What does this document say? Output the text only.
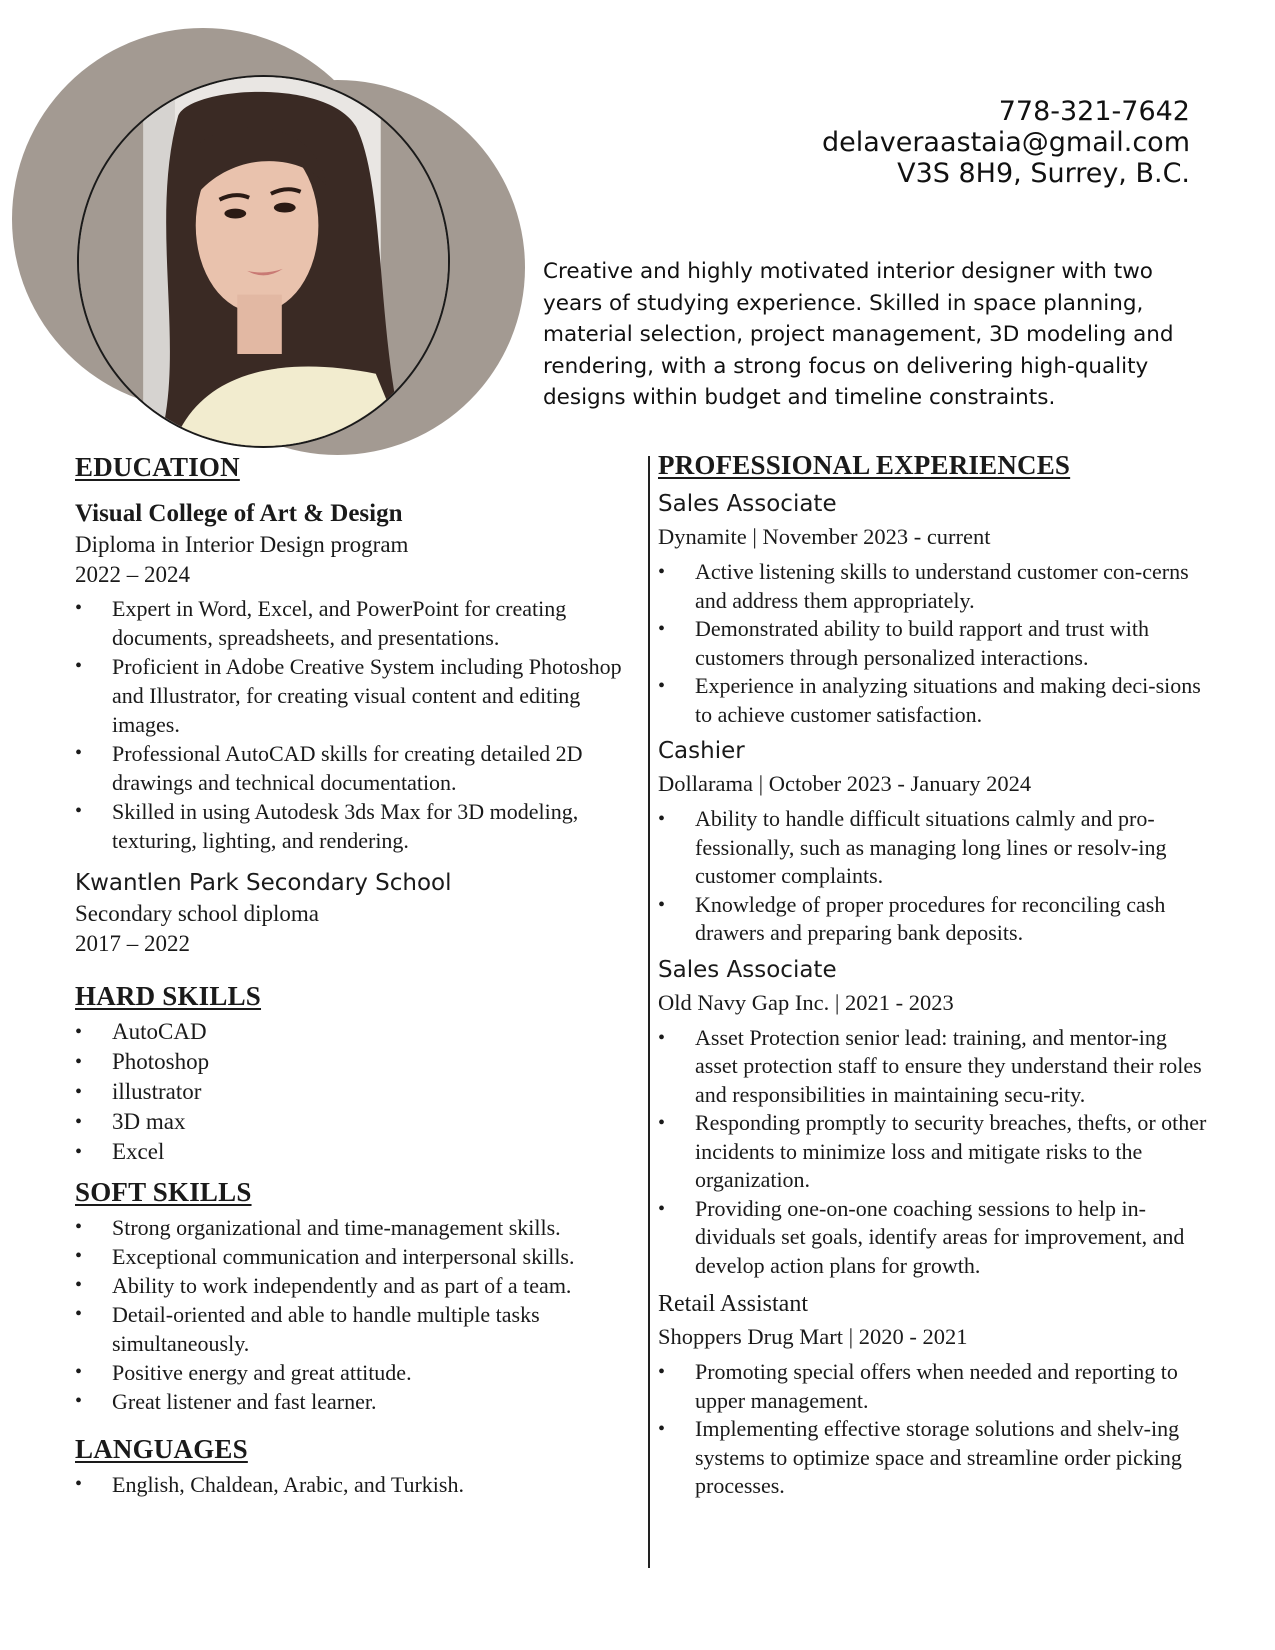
778-321-7642
delaveraastaia@gmail.com
V3S 8H9, Surrey, B.C.
Creative and highly motivated interior designer with two years of studying experience. Skilled in space planning, material selection, project management, 3D modeling and rendering, with a strong focus on delivering high-quality designs within budget and timeline constraints.
EDUCATION
Visual College of Art & Design
Diploma in Interior Design program
2022 – 2024
• Expert in Word, Excel, and PowerPoint for creating documents, spreadsheets, and presentations.
• Proficient in Adobe Creative System including Photoshop and Illustrator, for creating visual content and editing images.
• Professional AutoCAD skills for creating detailed 2D drawings and technical documentation.
• Skilled in using Autodesk 3ds Max for 3D modeling, texturing, lighting, and rendering.
Kwantlen Park Secondary School
Secondary school diploma
2017 – 2022
HARD SKILLS
• AutoCAD
• Photoshop
• illustrator
• 3D max
• Excel
SOFT SKILLS
• Strong organizational and time-management skills.
• Exceptional communication and interpersonal skills.
• Ability to work independently and as part of a team.
• Detail-oriented and able to handle multiple tasks simultaneously.
• Positive energy and great attitude.
• Great listener and fast learner.
LANGUAGES
• English, Chaldean, Arabic, and Turkish.
PROFESSIONAL EXPERIENCES
Sales Associate
Dynamite | November 2023 - current
• Active listening skills to understand customer con-cerns and address them appropriately.
• Demonstrated ability to build rapport and trust with customers through personalized interactions.
• Experience in analyzing situations and making deci-sions to achieve customer satisfaction.
Cashier
Dollarama | October 2023 - January 2024
• Ability to handle difficult situations calmly and pro-fessionally, such as managing long lines or resolv-ing customer complaints.
• Knowledge of proper procedures for reconciling cash drawers and preparing bank deposits.
Sales Associate
Old Navy Gap Inc. | 2021 - 2023
• Asset Protection senior lead: training, and mentor-ing asset protection staff to ensure they understand their roles and responsibilities in maintaining secu-rity.
• Responding promptly to security breaches, thefts, or other incidents to minimize loss and mitigate risks to the organization.
• Providing one-on-one coaching sessions to help in-dividuals set goals, identify areas for improvement, and develop action plans for growth.
Retail Assistant
Shoppers Drug Mart | 2020 - 2021
• Promoting special offers when needed and reporting to upper management.
• Implementing effective storage solutions and shelv-ing systems to optimize space and streamline order picking processes.
